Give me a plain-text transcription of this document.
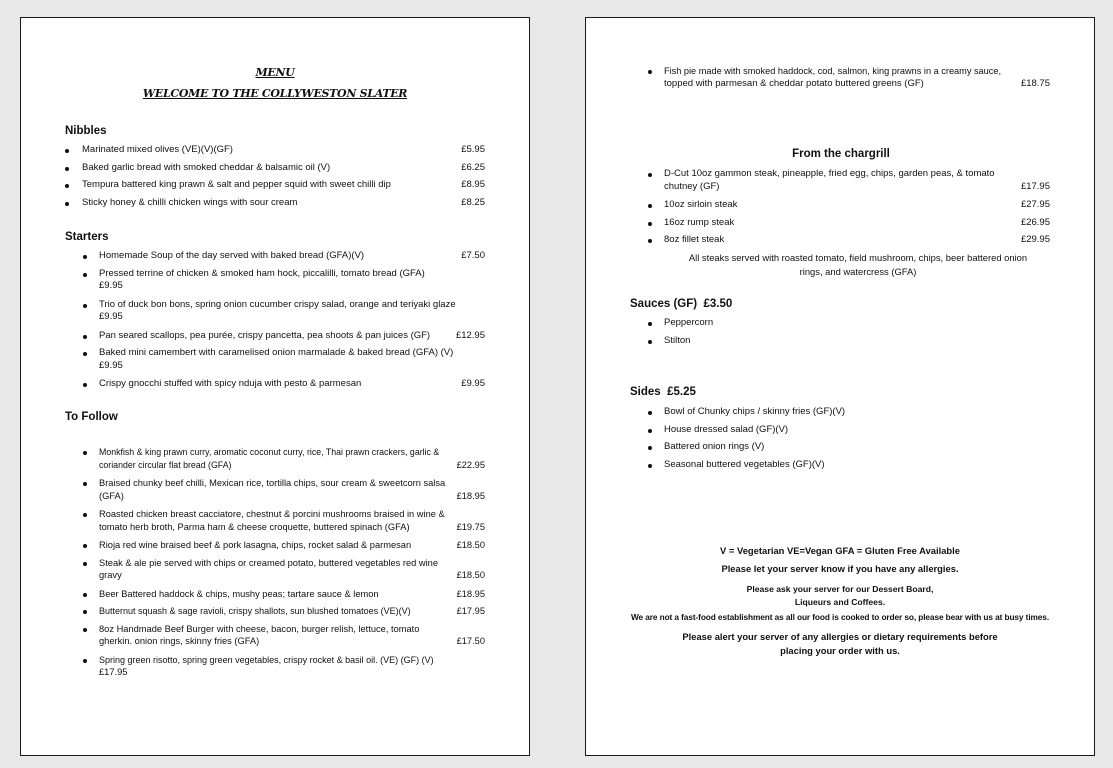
MENU
WELCOME TO THE COLLYWESTON SLATER
Nibbles
Marinated mixed olives (VE)(V)(GF)	£5.95
Baked garlic bread with smoked cheddar & balsamic oil (V)	£6.25
Tempura battered king prawn & salt and pepper squid with sweet chilli dip	£8.95
Sticky honey & chilli chicken wings with sour cream	£8.25
Starters
Homemade Soup of the day served with baked bread (GFA)(V)	£7.50
Pressed terrine of chicken & smoked ham hock, piccalilli, tomato bread (GFA)
£9.95
Trio of duck bon bons, spring onion cucumber crispy salad, orange and teriyaki glaze
£9.95
Pan seared scallops, pea purée, crispy pancetta, pea shoots & pan juices (GF)	£12.95
Baked mini camembert with caramelised onion marmalade & baked bread (GFA) (V)
£9.95
Crispy gnocchi stuffed with spicy nduja with pesto & parmesan	£9.95
To Follow
Monkfish & king prawn curry, aromatic coconut curry, rice, Thai prawn crackers, garlic &
coriander circular flat bread (GFA)	£22.95
Braised chunky beef chilli, Mexican rice, tortilla chips, sour cream & sweetcorn salsa
(GFA)	£18.95
Roasted chicken breast cacciatore, chestnut & porcini mushrooms braised in wine &
tomato herb broth, Parma ham & cheese croquette, buttered spinach (GFA)	£19.75
Rioja red wine braised beef & pork lasagna, chips, rocket salad & parmesan	£18.50
Steak & ale pie served with chips or creamed potato, buttered vegetables red wine
gravy	£18.50
Beer Battered haddock & chips, mushy peas; tartare sauce & lemon	£18.95
Butternut squash & sage ravioli, crispy shallots, sun blushed tomatoes (VE)(V)	£17.95
8oz Handmade Beef Burger with cheese, bacon, burger relish, lettuce, tomato
gherkin. onion rings, skinny fries (GFA)	£17.50
Spring green risotto, spring green vegetables, crispy rocket & basil oil. (VE) (GF) (V)
£17.95
Fish pie made with smoked haddock, cod, salmon, king prawns in a creamy sauce,
topped with parmesan & cheddar potato buttered greens (GF)	£18.75
From the chargrill
D-Cut 10oz gammon steak, pineapple, fried egg, chips, garden peas, & tomato
chutney (GF)	£17.95
10oz sirloin steak	£27.95
16oz rump steak	£26.95
8oz fillet steak	£29.95
All steaks served with roasted tomato, field mushroom, chips, beer battered onion
rings, and watercress (GFA)
Sauces (GF) £3.50
Peppercorn
Stilton
Sides £5.25
Bowl of Chunky chips / skinny fries (GF)(V)
House dressed salad (GF)(V)
Battered onion rings (V)
Seasonal buttered vegetables (GF)(V)
V = Vegetarian VE=Vegan GFA = Gluten Free Available
Please let your server know if you have any allergies.
Please ask your server for our Dessert Board,
Liqueurs and Coffees.
We are not a fast-food establishment as all our food is cooked to order so, please bear with us at busy times.
Please alert your server of any allergies or dietary requirements before
placing your order with us.
